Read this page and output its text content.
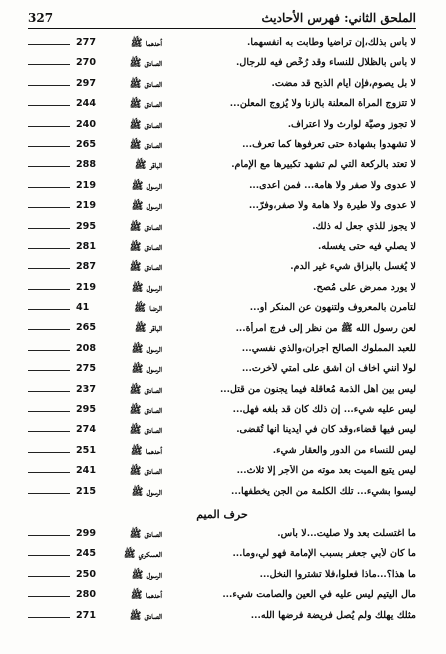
الملحق الثاني: فهرس الأحاديث
327
لا بأس بذلك،إن تراضيا وطابت به أنفسهما.
أحدهما ﷺ
277
لا بأس بالظلال للنساء وقد رُخِّص فيه للرجال.
الصادق ﷺ
270
لا بل يصوم،فإن أيام الذبح قد مضت.
الصادق ﷺ
297
لا تتزوج المرأة المعلنة بالزنا ولا يُزوج المعلن...
الصادق ﷺ
244
لا تجوز وصيَّة لوارث ولا اعتراف.
الصادق ﷺ
240
لا تشهدوا بشهادة حتى تعرفوها كما تعرف...
الصادق ﷺ
265
لا تعتد بالركعة التي لم تشهد تكبيرها مع الإمام.
الباقر ﷺ
288
لا عدوى ولا صفر ولا هامة... فمن أعدى...
الرسول ﷺ
219
لا عدوى ولا طيرة ولا هامة ولا صفر،وفرّ...
الرسول ﷺ
219
لا يجوز للذي جعل له ذلك.
الصادق ﷺ
295
لا يصلي فيه حتى يغسله.
الصادق ﷺ
281
لا يُغسل بالبزاق شيء غير الدم.
الصادق ﷺ
287
لا يورد ممرض على مُصح.
الرسول ﷺ
219
لتأمرن بالمعروف ولتنهون عن المنكر أو...
الرضا ﷺ
41
لعن رسول الله ﷺ من نظر إلى فرج امرأة...
الباقر ﷺ
265
للعبد المملوك الصالح أجران،والذي نفسي...
الرسول ﷺ
208
لولا أنني أخاف أن أشق على أمتي لأخرت...
الرسول ﷺ
275
ليس بين أهل الذمة مُعاقلة فيما يجنون من قتل...
الصادق ﷺ
237
ليس عليه شيء... إن ذلك كان قد بلغه فهل...
الصادق ﷺ
295
ليس فيها قضاء،وقد كان في أيدينا أنها تُقضى.
الصادق ﷺ
274
ليس للنساء من الدور والعقار شيء.
أحدهما ﷺ
251
ليس يتبع الميت بعد موته من الأجر إلا ثلاث...
الصادق ﷺ
241
ليسوا بشيء... تلك الكلمة من الجن يخطفها...
الرسول ﷺ
215
حرف الميم
ما اغتسلت بعد ولا صليت...لا بأس.
الصادق ﷺ
299
ما كان لأبي جعفر بسبب الإمامة فهو لي،وما...
العسكري ﷺ
245
ما هذا؟...ماذا فعلوا،فلا تشتروا النخل...
الرسول ﷺ
250
مال اليتيم ليس عليه في العين والصامت شيء...
أحدهما ﷺ
280
مثلك يهلك ولم يُصل فريضة فرضها الله...
الصادق ﷺ
271
